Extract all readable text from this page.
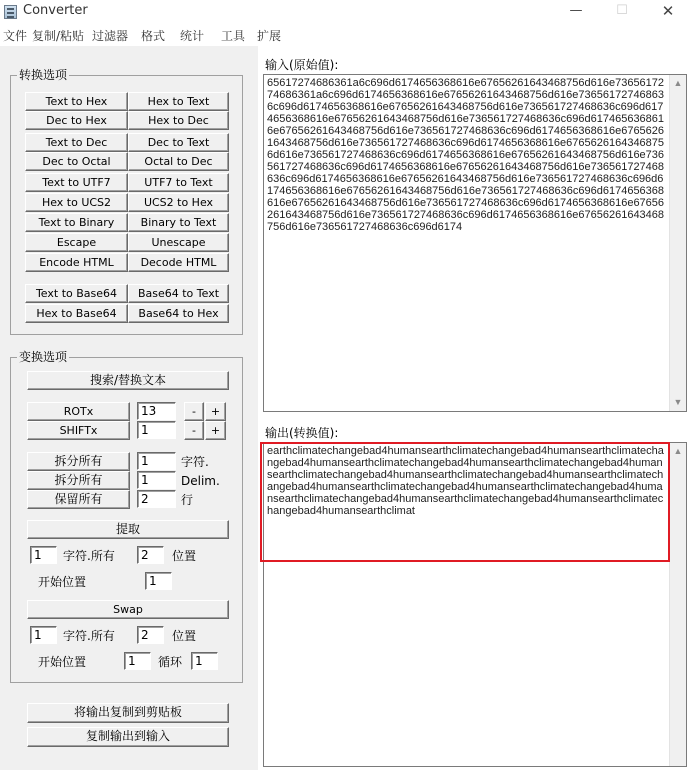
Converter	—	☐	✕
文件 复制/粘贴 过滤器 格式 统计 工具 扩展
转换选项
Text to Hex	Hex to Text
Dec to Hex	Hex to Dec
Text to Dec	Dec to Text
Dec to Octal	Octal to Dec
Text to UTF7	UTF7 to Text
Hex to UCS2	UCS2 to Hex
Text to Binary	Binary to Text
Escape	Unescape
Encode HTML	Decode HTML
Text to Base64	Base64 to Text
Hex to Base64	Base64 to Hex
变换选项
搜索/替换文本
ROTx	13	-	+
SHIFTx	1	-	+
拆分所有	1	字符.
拆分所有	1	Delim.
保留所有	2	行
提取
1	字符.所有	2	位置
开始位置	1
Swap
1	字符.所有	2	位置
开始位置	1	循环	1
将输出复制到剪贴板
复制输出到输入
输入(原始值):
65617274686361a6c696d6174656368616e67656261643468756d616e7365617274686361a6c696d6174656368616e67656261643468756d616e736561727468636c696d6174656368616e67656261643468756d616e736561727468636c696d6174656368616e67656261643468756d616e736561727468636c696d6174656368616e67656261643468756d616e736561727468636c696d6174656368616e67656261643468756d616e736561727468636c696d6174656368616e67656261643468756d616e736561727468636c696d6174656368616e67656261643468756d616e736561727468636c696d6174656368616e67656261643468756d616e736561727468636c696d6174656368616e67656261643468756d616e736561727468636c696d6174656368616e67656261643468756d616e736561727468636c696d6174656368616e67656261643468756d616e736561727468636c696d6174656368616e67656261643468756d616e736561727468636c696d6174656368616e67656261643468756d616e736561727468636c696d6174
▲
▼
输出(转换值):
earthclimatechangebad4humansearthclimatechangebad4humansearthclimatechangebad4humansearthclimatechangebad4humansearthclimatechangebad4humansearthclimatechangebad4humansearthclimatechangebad4humansearthclimatechangebad4humansearthclimatechangebad4humansearthclimatechangebad4humansearthclimatechangebad4humansearthclimatechangebad4humansearthclimatechangebad4humansearthclimat
▲
